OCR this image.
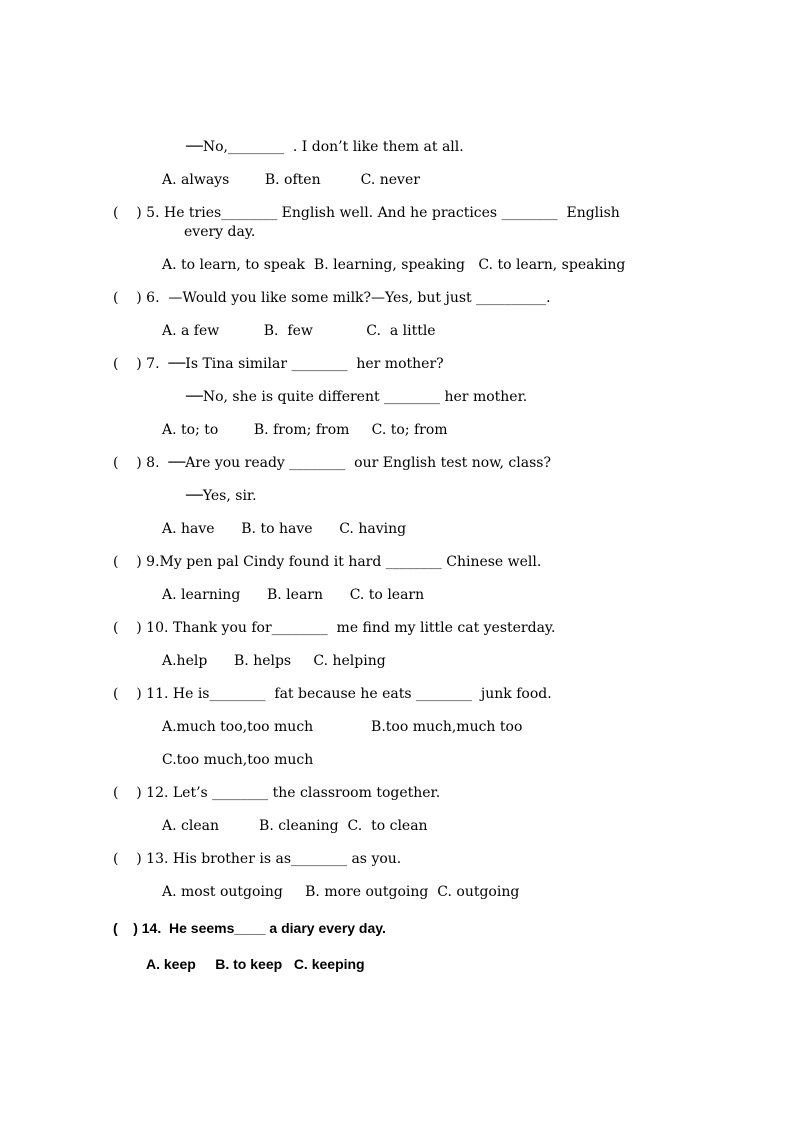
──No,________  . I don’t like them at all.
A. always        B. often         C. never
(    ) 5. He tries________ English well. And he practices ________  English
every day.
A. to learn, to speak  B. learning, speaking   C. to learn, speaking
(    ) 6.  —Would you like some milk?—Yes, but just __________.
A. a few          B.  few            C.  a little
(    ) 7.  ──Is Tina similar ________  her mother?
──No, she is quite different ________ her mother.
A. to; to        B. from; from     C. to; from
(    ) 8.  ──Are you ready ________  our English test now, class?
──Yes, sir.
A. have      B. to have      C. having
(    ) 9.My pen pal Cindy found it hard ________ Chinese well.
A. learning      B. learn      C. to learn
(    ) 10. Thank you for________  me find my little cat yesterday.
A.help      B. helps     C. helping
(    ) 11. He is________  fat because he eats ________  junk food.
A.much too,too much             B.too much,much too
C.too much,too much
(    ) 12. Let’s ________ the classroom together.
A. clean         B. cleaning  C.  to clean
(    ) 13. His brother is as________ as you.
A. most outgoing     B. more outgoing  C. outgoing
(    ) 14.  He seems____ a diary every day.
A. keep     B. to keep   C. keeping
